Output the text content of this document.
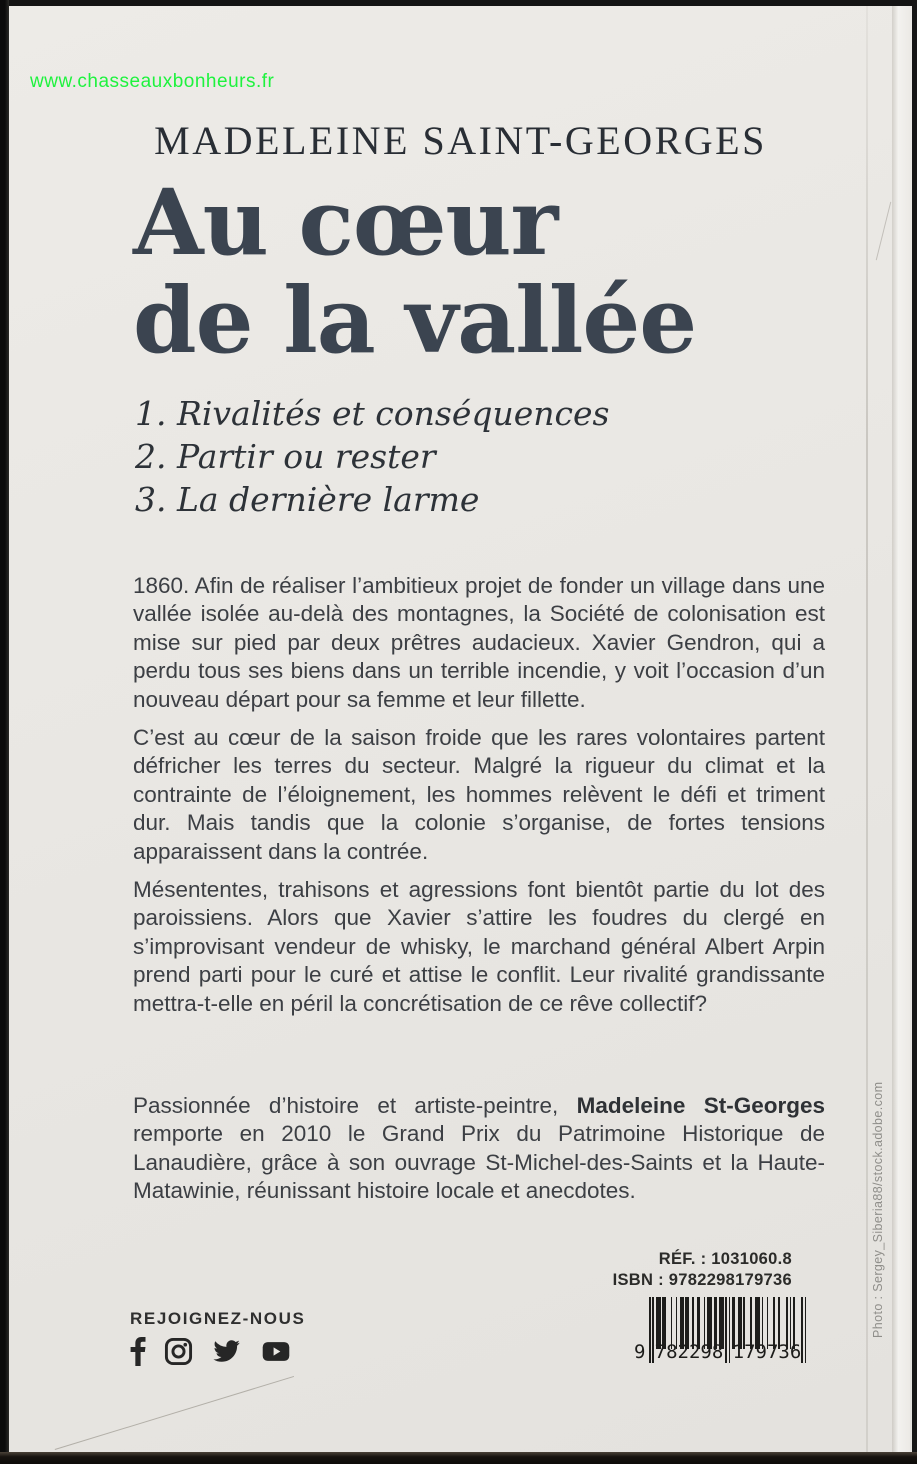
www.chasseauxbonheurs.fr
MADELEINE SAINT-GEORGES
Au cœur
de la vallée
1. Rivalités et conséquences
2. Partir ou rester
3. La dernière larme

1860. Afin de réaliser l’ambitieux projet de fonder un village dans une vallée isolée au-delà des montagnes, la Société de colonisation est mise sur pied par deux prêtres audacieux. Xavier Gendron, qui a perdu tous ses biens dans un terrible incendie, y voit l’occasion d’un nouveau départ pour sa femme et leur fillette.

C’est au cœur de la saison froide que les rares volontaires partent défricher les terres du secteur. Malgré la rigueur du climat et la contrainte de l’éloignement, les hommes relèvent le défi et triment dur. Mais tandis que la colonie s’organise, de fortes tensions apparaissent dans la contrée.

Mésententes, trahisons et agressions font bientôt partie du lot des paroissiens. Alors que Xavier s’attire les foudres du clergé en s’improvisant vendeur de whisky, le marchand général Albert Arpin prend parti pour le curé et attise le conflit. Leur rivalité grandissante mettra-t-elle en péril la concrétisation de ce rêve collectif?

Passionnée d’histoire et artiste-peintre, Madeleine St-Georges remporte en 2010 le Grand Prix du Patrimoine Historique de Lanaudière, grâce à son ouvrage St-Michel-des-Saints et la Haute-Matawinie, réunissant histoire locale et anecdotes.
RÉF. : 1031060.8
ISBN : 9782298179736
9 782298 179736
REJOIGNEZ-NOUS	Photo : Sergey_Siberia88/stock.adobe.com
